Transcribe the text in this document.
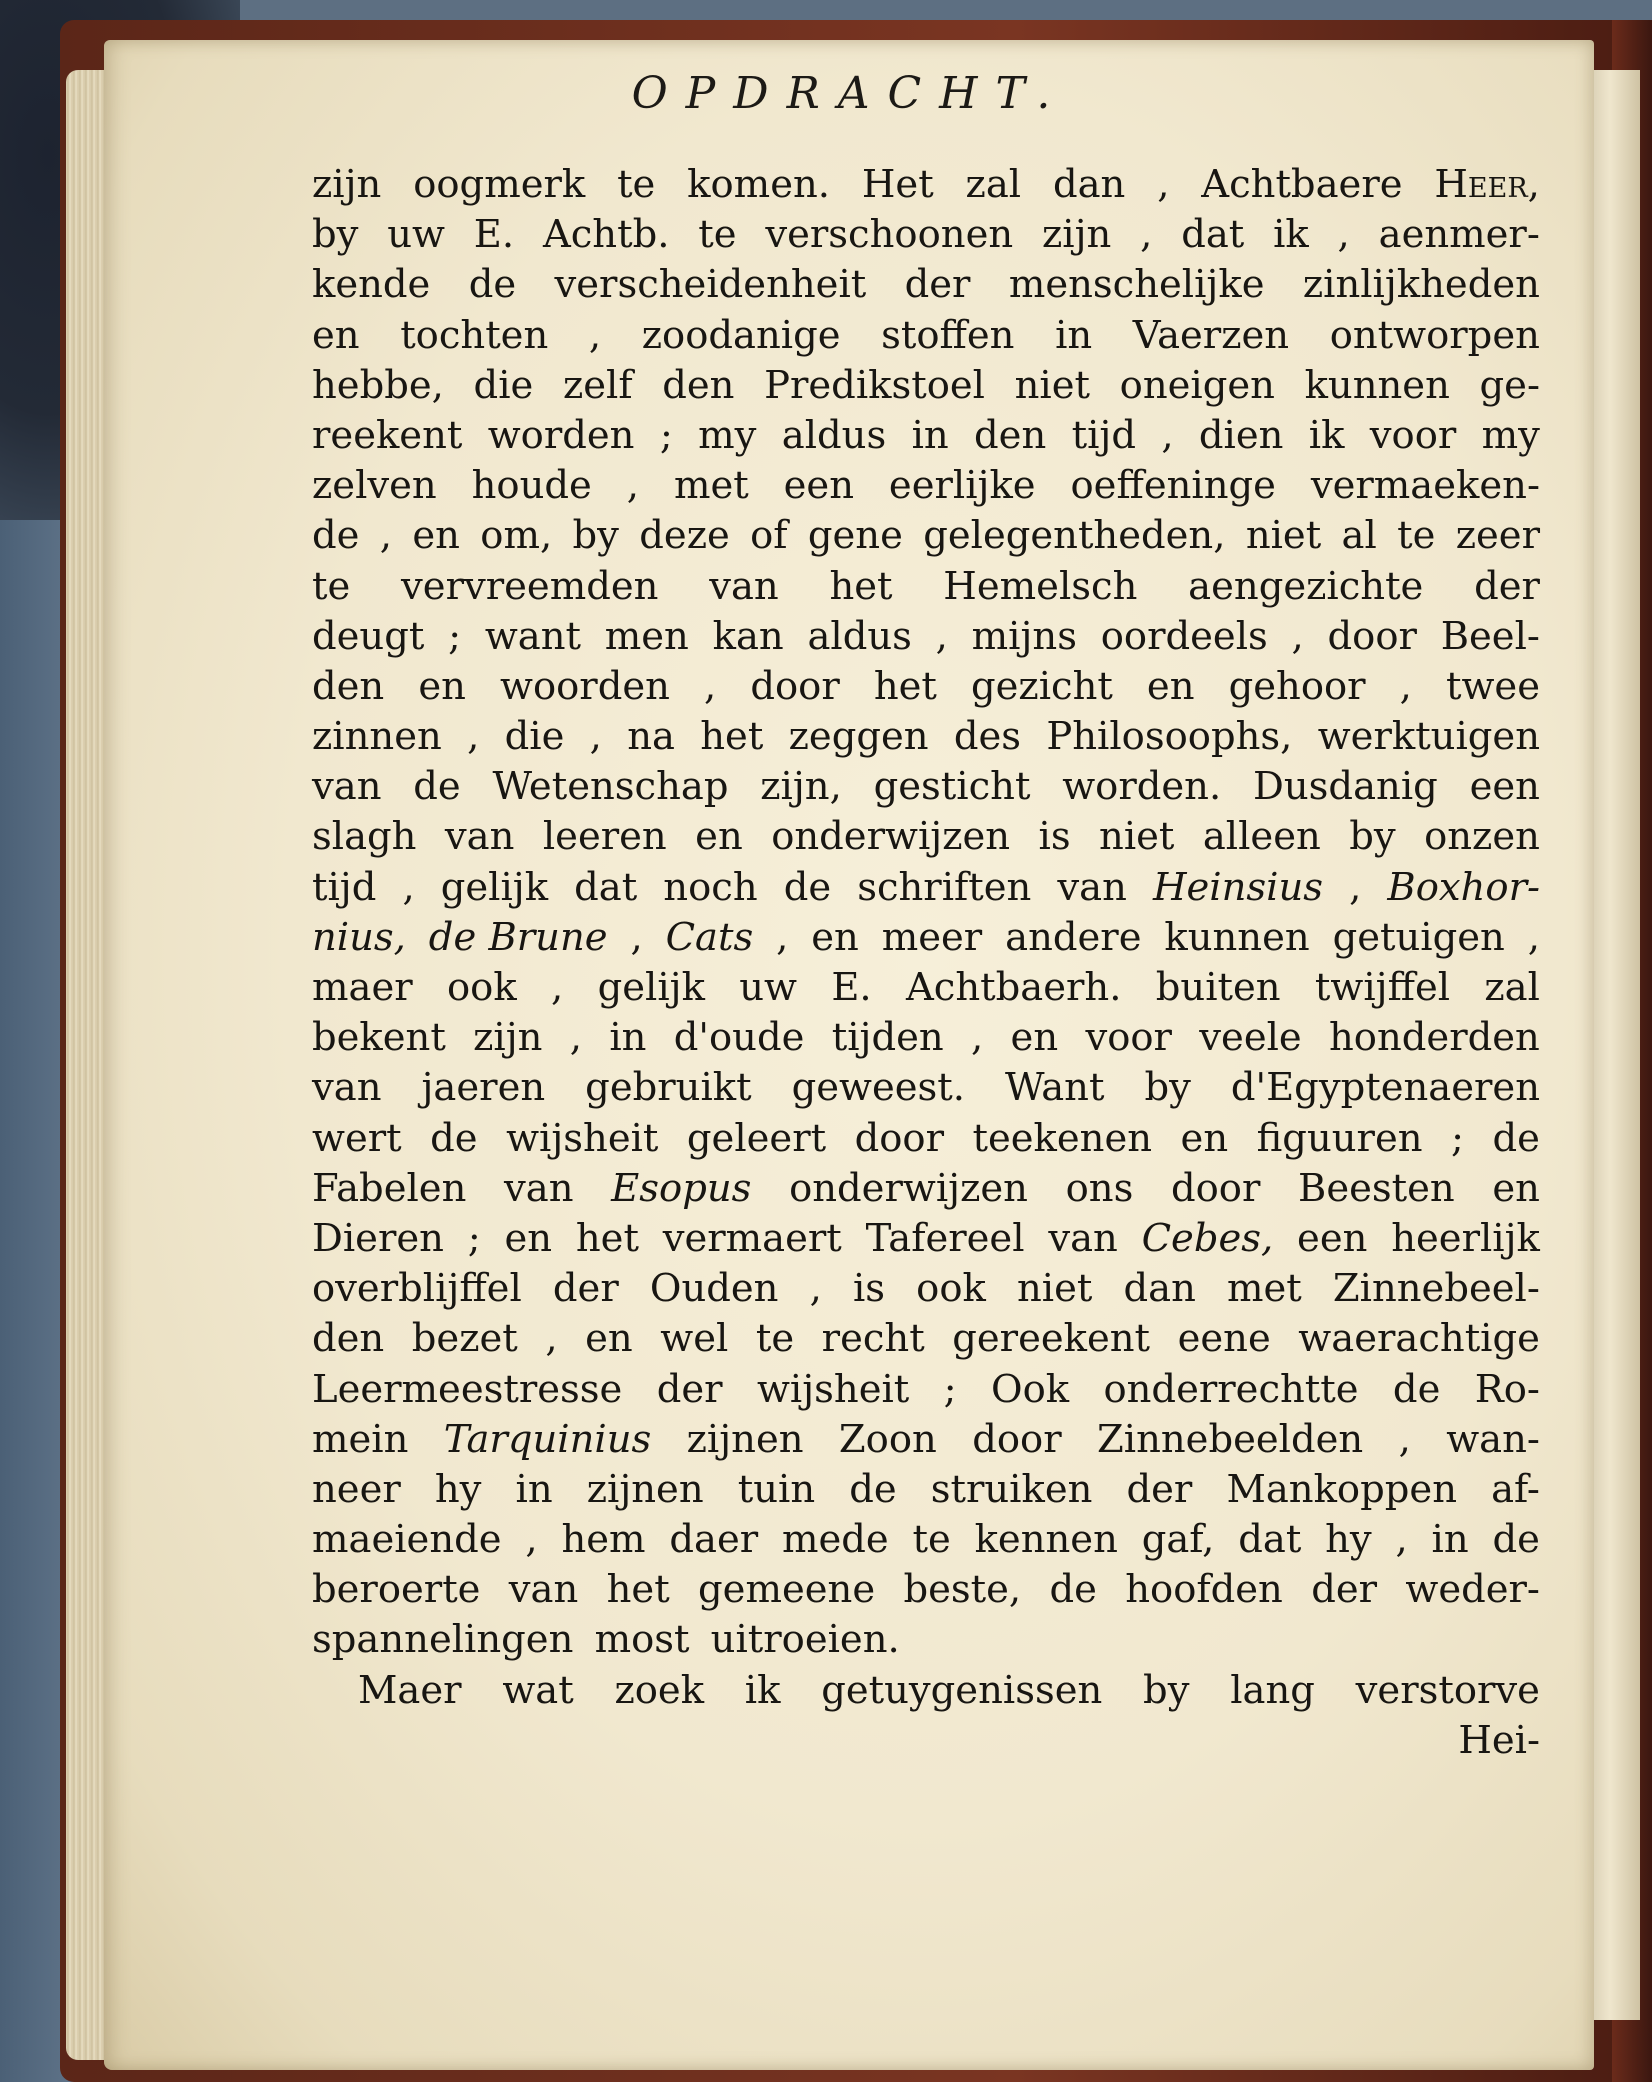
OPDRACHT.
zijn oogmerk te komen. Het zal dan , Achtbaere Heer,
by uw E. Achtb. te verschoonen zijn , dat ik , aenmer-
kende de verscheidenheit der menschelijke zinlijkheden
en tochten , zoodanige stoffen in Vaerzen ontworpen
hebbe, die zelf den Predikstoel niet oneigen kunnen ge-
reekent worden ; my aldus in den tijd , dien ik voor my
zelven houde , met een eerlijke oeffeninge vermaeken-
de , en om, by deze of gene gelegentheden, niet al te zeer
te vervreemden van het Hemelsch aengezichte der
deugt ; want men kan aldus , mijns oordeels , door Beel-
den en woorden , door het gezicht en gehoor , twee
zinnen , die , na het zeggen des Philosoophs, werktuigen
van de Wetenschap zijn, gesticht worden. Dusdanig een
slagh van leeren en onderwijzen is niet alleen by onzen
tijd , gelijk dat noch de schriften van Heinsius , Boxhor-
nius, de Brune , Cats , en meer andere kunnen getuigen ,
maer ook , gelijk uw E. Achtbaerh. buiten twijffel zal
bekent zijn , in d'oude tijden , en voor veele honderden
van jaeren gebruikt geweest. Want by d'Egyptenaeren
wert de wijsheit geleert door teekenen en figuuren ; de
Fabelen van Esopus onderwijzen ons door Beesten en
Dieren ; en het vermaert Tafereel van Cebes, een heerlijk
overblijffel der Ouden , is ook niet dan met Zinnebeel-
den bezet , en wel te recht gereekent eene waerachtige
Leermeestresse der wijsheit ; Ook onderrechtte de Ro-
mein Tarquinius zijnen Zoon door Zinnebeelden , wan-
neer hy in zijnen tuin de struiken der Mankoppen af-
maeiende , hem daer mede te kennen gaf, dat hy , in de
beroerte van het gemeene beste, de hoofden der weder-
spannelingen most uitroeien.
Maer wat zoek ik getuygenissen by lang verstorve
Hei-
